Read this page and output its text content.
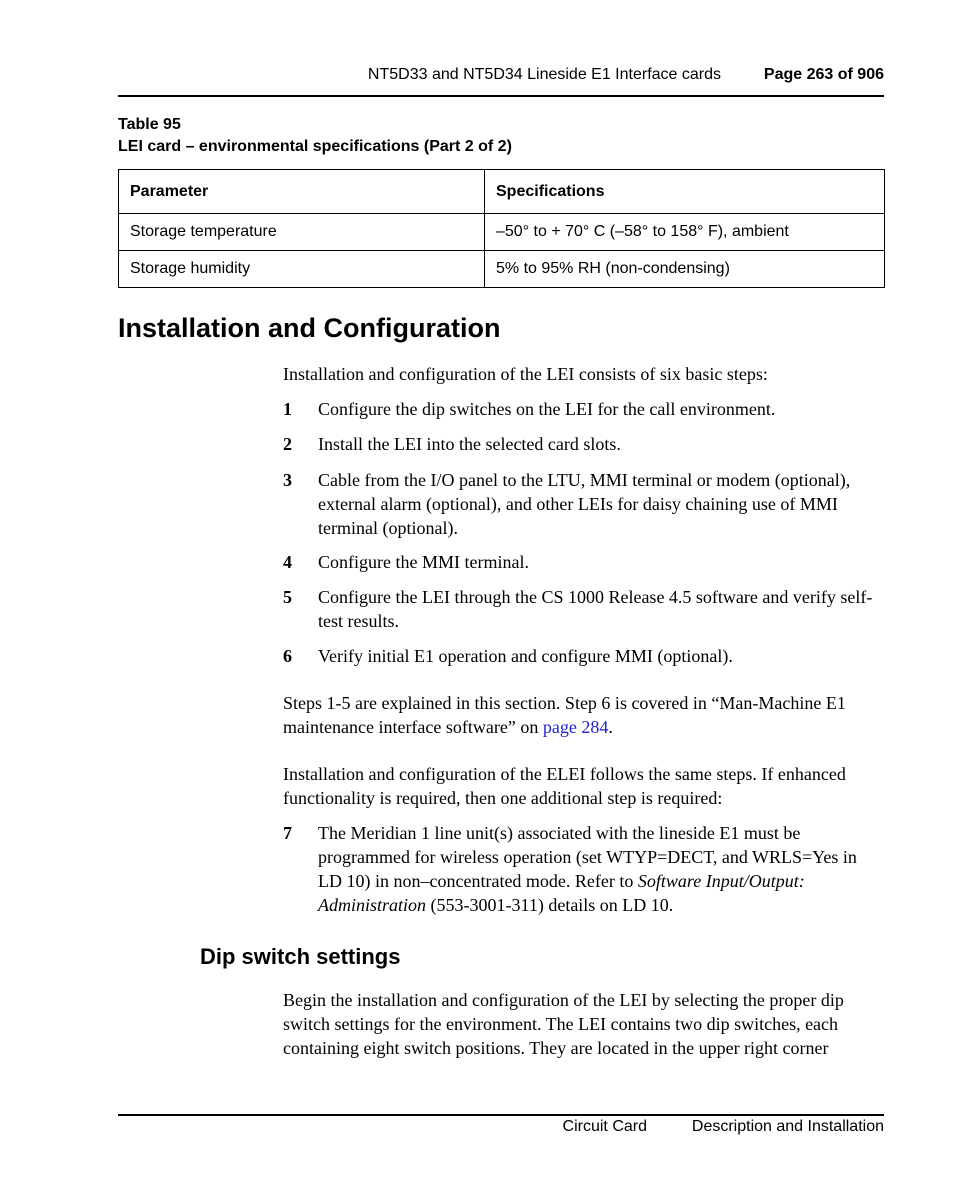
NT5D33 and NT5D34 Lineside E1 Interface cards	Page 263 of 906
Table 95
LEI card – environmental specifications (Part 2 of 2)
Parameter	Specifications
Storage temperature	–50° to + 70° C (–58° to 158° F), ambient
Storage humidity	5% to 95% RH (non-condensing)
Installation and Configuration
Installation and configuration of the LEI consists of six basic steps:
1 Configure the dip switches on the LEI for the call environment.
2 Install the LEI into the selected card slots.
3 Cable from the I/O panel to the LTU, MMI terminal or modem (optional), external alarm (optional), and other LEIs for daisy chaining use of MMI terminal (optional).
4 Configure the MMI terminal.
5 Configure the LEI through the CS 1000 Release 4.5 software and verify self-test results.
6 Verify initial E1 operation and configure MMI (optional).
Steps 1-5 are explained in this section. Step 6 is covered in “Man-Machine E1 maintenance interface software” on page 284.
Installation and configuration of the ELEI follows the same steps. If enhanced functionality is required, then one additional step is required:
7 The Meridian 1 line unit(s) associated with the lineside E1 must be programmed for wireless operation (set WTYP=DECT, and WRLS=Yes in LD 10) in non–concentrated mode. Refer to Software Input/Output: Administration (553-3001-311) details on LD 10.
Dip switch settings
Begin the installation and configuration of the LEI by selecting the proper dip switch settings for the environment. The LEI contains two dip switches, each containing eight switch positions. They are located in the upper right corner
Circuit Card	Description and Installation
